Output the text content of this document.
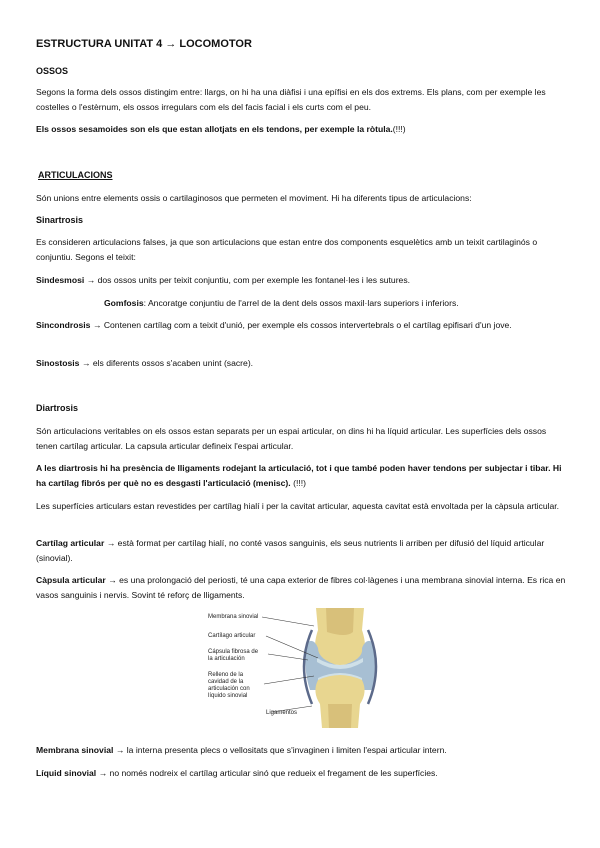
ESTRUCTURA UNITAT 4 → LOCOMOTOR

OSSOS

Segons la forma dels ossos distingim entre: llargs, on hi ha una diàfisi i una epífisi en els dos extrems. Els plans, com per exemple les costelles o l'estèrnum, els ossos irregulars com els del facis facial i els curts com el peu.

Els ossos sesamoides son els que estan allotjats en els tendons, per exemple la ròtula.(!!!)

ARTICULACIONS

Són unions entre elements ossis o cartilaginosos que permeten el moviment. Hi ha diferents tipus de articulacions:

Sinartrosis

Es consideren articulacions falses, ja que son articulacions que estan entre dos components esquelètics amb un teixit cartilaginós o conjuntiu. Segons el teixit:

Sindesmosi → dos ossos units per teixit conjuntiu, com per exemple les fontanel·les i les sutures.

Gomfosis: Ancoratge conjuntiu de l'arrel de la dent dels ossos maxil·lars superiors i inferiors.

Sincondrosis → Contenen cartílag com a teixit d'unió, per exemple els cossos intervertebrals o el cartílag epifisari d'un jove.

Sinostosis → els diferents ossos s'acaben unint (sacre).

Diartrosis

Són articulacions veritables on els ossos estan separats per un espai articular, on dins hi ha líquid articular. Les superfícies dels ossos tenen cartílag articular. La capsula articular defineix l'espai articular.

A les diartrosis hi ha presència de lligaments rodejant la articulació, tot i que també poden haver tendons per subjectar i tibar. Hi ha cartílag fibrós per què no es desgasti l'articulació (menisc). (!!!)

Les superfícies articulars estan revestides per cartílag hialí i per la cavitat articular, aquesta cavitat està envoltada per la càpsula articular.

Cartílag articular → està format per cartílag hialí, no conté vasos sanguinis, els seus nutrients li arriben per difusió del líquid articular (sinovial).

Càpsula articular → es una prolongació del periosti, té una capa exterior de fibres col·làgenes i una membrana sinovial interna. Es rica en vasos sanguinis i nervis. Sovint té reforç de lligaments.

Membrana sinovial
Cartílago articular
Cápsula fibrosa de
la articulación
Relleno de la
cavidad de la
articulación con
líquido sinovial
Ligamentos

Membrana sinovial → la interna presenta plecs o vellositats que s'invaginen i limiten l'espai articular intern.

Líquid sinovial → no només nodreix el cartílag articular sinó que redueix el fregament de les superfícies.
